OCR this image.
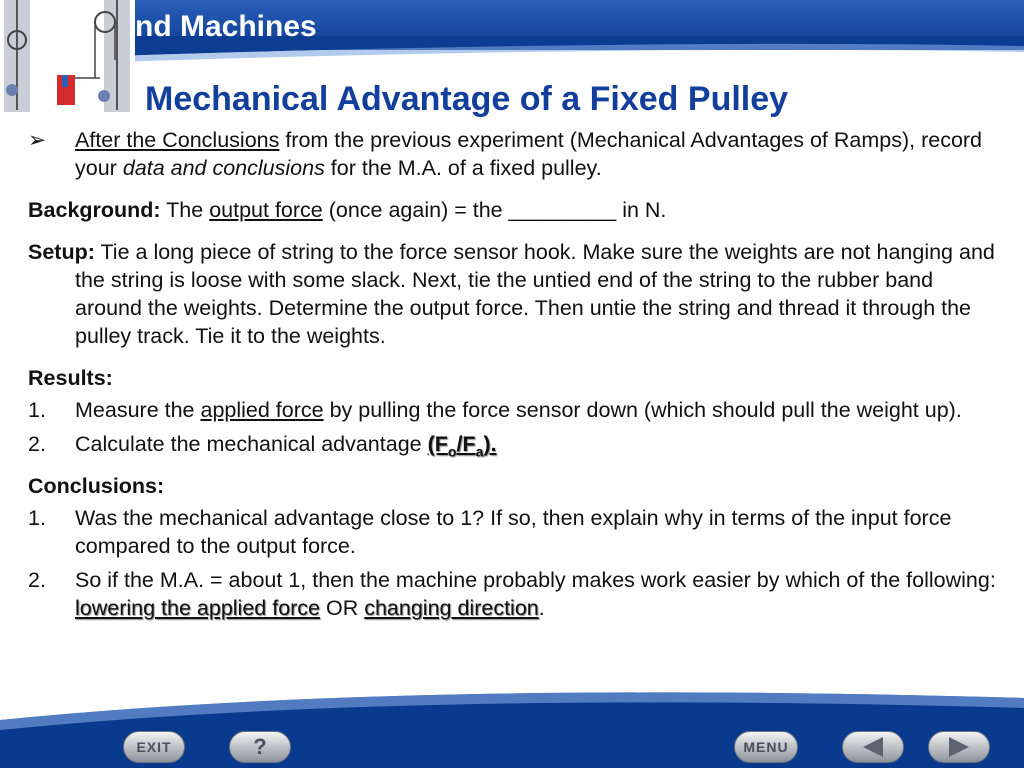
nd Machines
Mechanical Advantage of a Fixed Pulley
➢ After the Conclusions from the previous experiment (Mechanical Advantages of Ramps), record your data and conclusions for the M.A. of a fixed pulley.
Background: The output force (once again) = the _________ in N.
Setup: Tie a long piece of string to the force sensor hook. Make sure the weights are not hanging and the string is loose with some slack. Next, tie the untied end of the string to the rubber band around the weights. Determine the output force. Then untie the string and thread it through the pulley track. Tie it to the weights.
Results:
1. Measure the applied force by pulling the force sensor down (which should pull the weight up).
2. Calculate the mechanical advantage $(F_o/F_a)$.
Conclusions:
1. Was the mechanical advantage close to 1? If so, then explain why in terms of the input force compared to the output force.
2. So if the M.A. = about 1, then the machine probably makes work easier by which of the following: lowering the applied force OR changing direction.
EXIT	?	MENU
